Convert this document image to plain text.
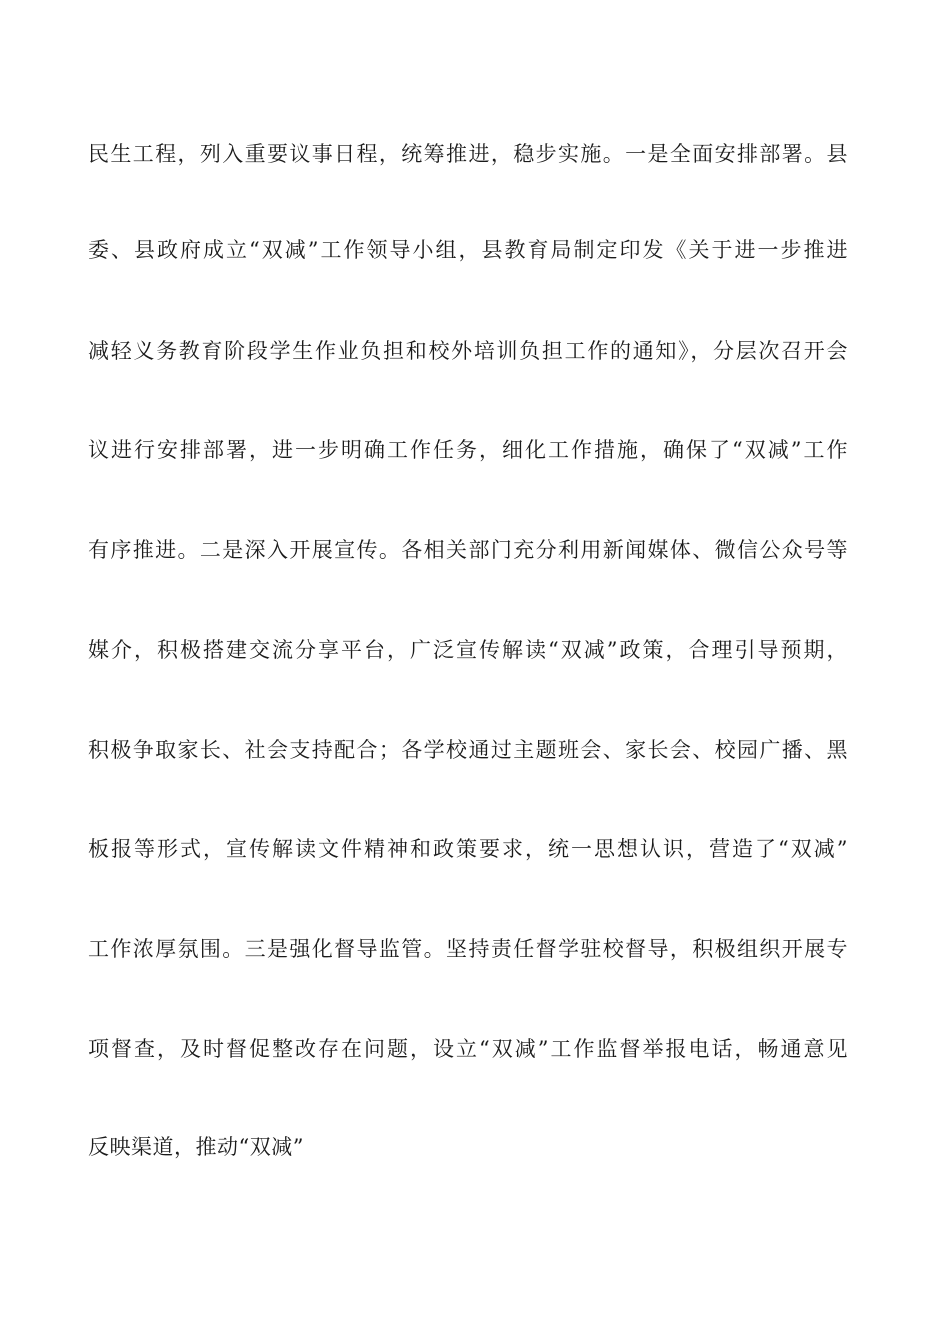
民生工程，列入重要议事日程，统筹推进，稳步实施。一是全面安排部署。县
委、县政府成立“双减”工作领导小组，县教育局制定印发《关于进一步推进
减轻义务教育阶段学生作业负担和校外培训负担工作的通知》，分层次召开会
议进行安排部署，进一步明确工作任务，细化工作措施，确保了“双减”工作
有序推进。二是深入开展宣传。各相关部门充分利用新闻媒体、微信公众号等
媒介，积极搭建交流分享平台，广泛宣传解读“双减”政策，合理引导预期，
积极争取家长、社会支持配合；各学校通过主题班会、家长会、校园广播、黑
板报等形式，宣传解读文件精神和政策要求，统一思想认识，营造了“双减”
工作浓厚氛围。三是强化督导监管。坚持责任督学驻校督导，积极组织开展专
项督查，及时督促整改存在问题，设立“双减”工作监督举报电话，畅通意见
反映渠道，推动“双减”
